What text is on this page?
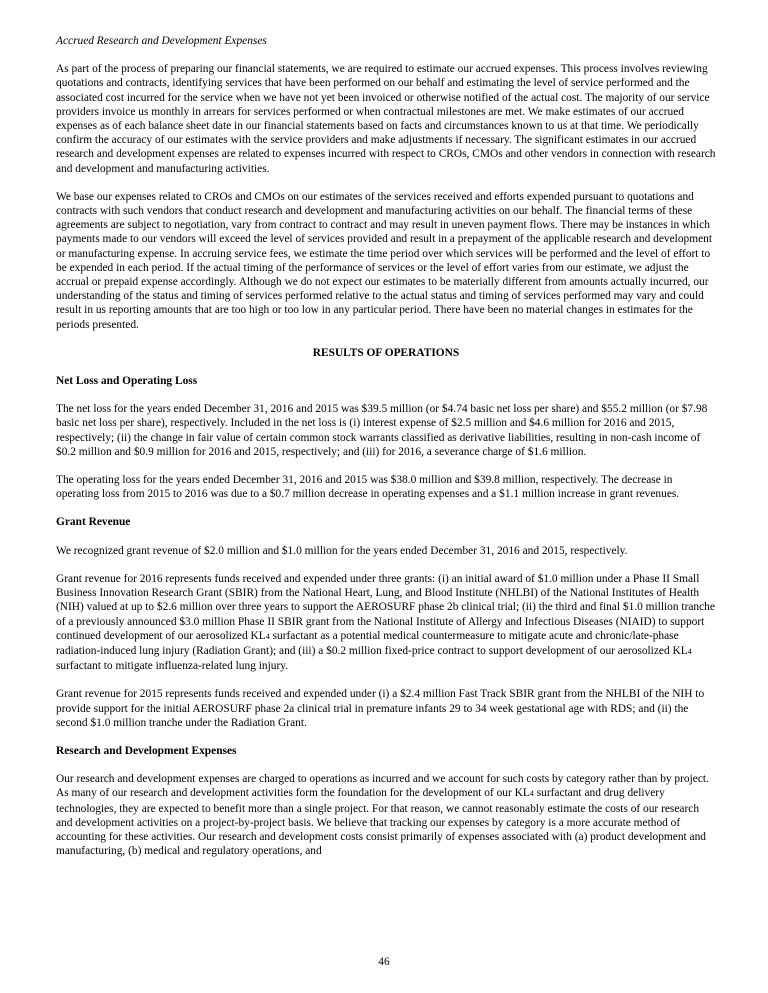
Accrued Research and Development Expenses

As part of the process of preparing our financial statements, we are required to estimate our accrued expenses. This process involves reviewing quotations and contracts, identifying services that have been performed on our behalf and estimating the level of service performed and the associated cost incurred for the service when we have not yet been invoiced or otherwise notified of the actual cost. The majority of our service providers invoice us monthly in arrears for services performed or when contractual milestones are met. We make estimates of our accrued expenses as of each balance sheet date in our financial statements based on facts and circumstances known to us at that time. We periodically confirm the accuracy of our estimates with the service providers and make adjustments if necessary. The significant estimates in our accrued research and development expenses are related to expenses incurred with respect to CROs, CMOs and other vendors in connection with research and development and manufacturing activities.

We base our expenses related to CROs and CMOs on our estimates of the services received and efforts expended pursuant to quotations and contracts with such vendors that conduct research and development and manufacturing activities on our behalf. The financial terms of these agreements are subject to negotiation, vary from contract to contract and may result in uneven payment flows. There may be instances in which payments made to our vendors will exceed the level of services provided and result in a prepayment of the applicable research and development or manufacturing expense. In accruing service fees, we estimate the time period over which services will be performed and the level of effort to be expended in each period. If the actual timing of the performance of services or the level of effort varies from our estimate, we adjust the accrual or prepaid expense accordingly. Although we do not expect our estimates to be materially different from amounts actually incurred, our understanding of the status and timing of services performed relative to the actual status and timing of services performed may vary and could result in us reporting amounts that are too high or too low in any particular period. There have been no material changes in estimates for the periods presented.

RESULTS OF OPERATIONS
Net Loss and Operating Loss

The net loss for the years ended December 31, 2016 and 2015 was $39.5 million (or $4.74 basic net loss per share) and $55.2 million (or $7.98 basic net loss per share), respectively. Included in the net loss is (i) interest expense of $2.5 million and $4.6 million for 2016 and 2015, respectively; (ii) the change in fair value of certain common stock warrants classified as derivative liabilities, resulting in non-cash income of $0.2 million and $0.9 million for 2016 and 2015, respectively; and (iii) for 2016, a severance charge of $1.6 million.

The operating loss for the years ended December 31, 2016 and 2015 was $38.0 million and $39.8 million, respectively. The decrease in operating loss from 2015 to 2016 was due to a $0.7 million decrease in operating expenses and a $1.1 million increase in grant revenues.

Grant Revenue

We recognized grant revenue of $2.0 million and $1.0 million for the years ended December 31, 2016 and 2015, respectively.

Grant revenue for 2016 represents funds received and expended under three grants: (i) an initial award of $1.0 million under a Phase II Small Business Innovation Research Grant (SBIR) from the National Heart, Lung, and Blood Institute (NHLBI) of the National Institutes of Health (NIH) valued at up to $2.6 million over three years to support the AEROSURF phase 2b clinical trial; (ii) the third and final $1.0 million tranche of a previously announced $3.0 million Phase II SBIR grant from the National Institute of Allergy and Infectious Diseases (NIAID) to support continued development of our aerosolized KL4 surfactant as a potential medical countermeasure to mitigate acute and chronic/late-phase radiation-induced lung injury (Radiation Grant); and (iii) a $0.2 million fixed-price contract to support development of our aerosolized KL4 surfactant to mitigate influenza-related lung injury.

Grant revenue for 2015 represents funds received and expended under (i) a $2.4 million Fast Track SBIR grant from the NHLBI of the NIH to provide support for the initial AEROSURF phase 2a clinical trial in premature infants 29 to 34 week gestational age with RDS; and (ii) the second $1.0 million tranche under the Radiation Grant.

Research and Development Expenses

Our research and development expenses are charged to operations as incurred and we account for such costs by category rather than by project. As many of our research and development activities form the foundation for the development of our KL4 surfactant and drug delivery technologies, they are expected to benefit more than a single project. For that reason, we cannot reasonably estimate the costs of our research and development activities on a project-by-project basis. We believe that tracking our expenses by category is a more accurate method of accounting for these activities. Our research and development costs consist primarily of expenses associated with (a) product development and manufacturing, (b) medical and regulatory operations, and

46
